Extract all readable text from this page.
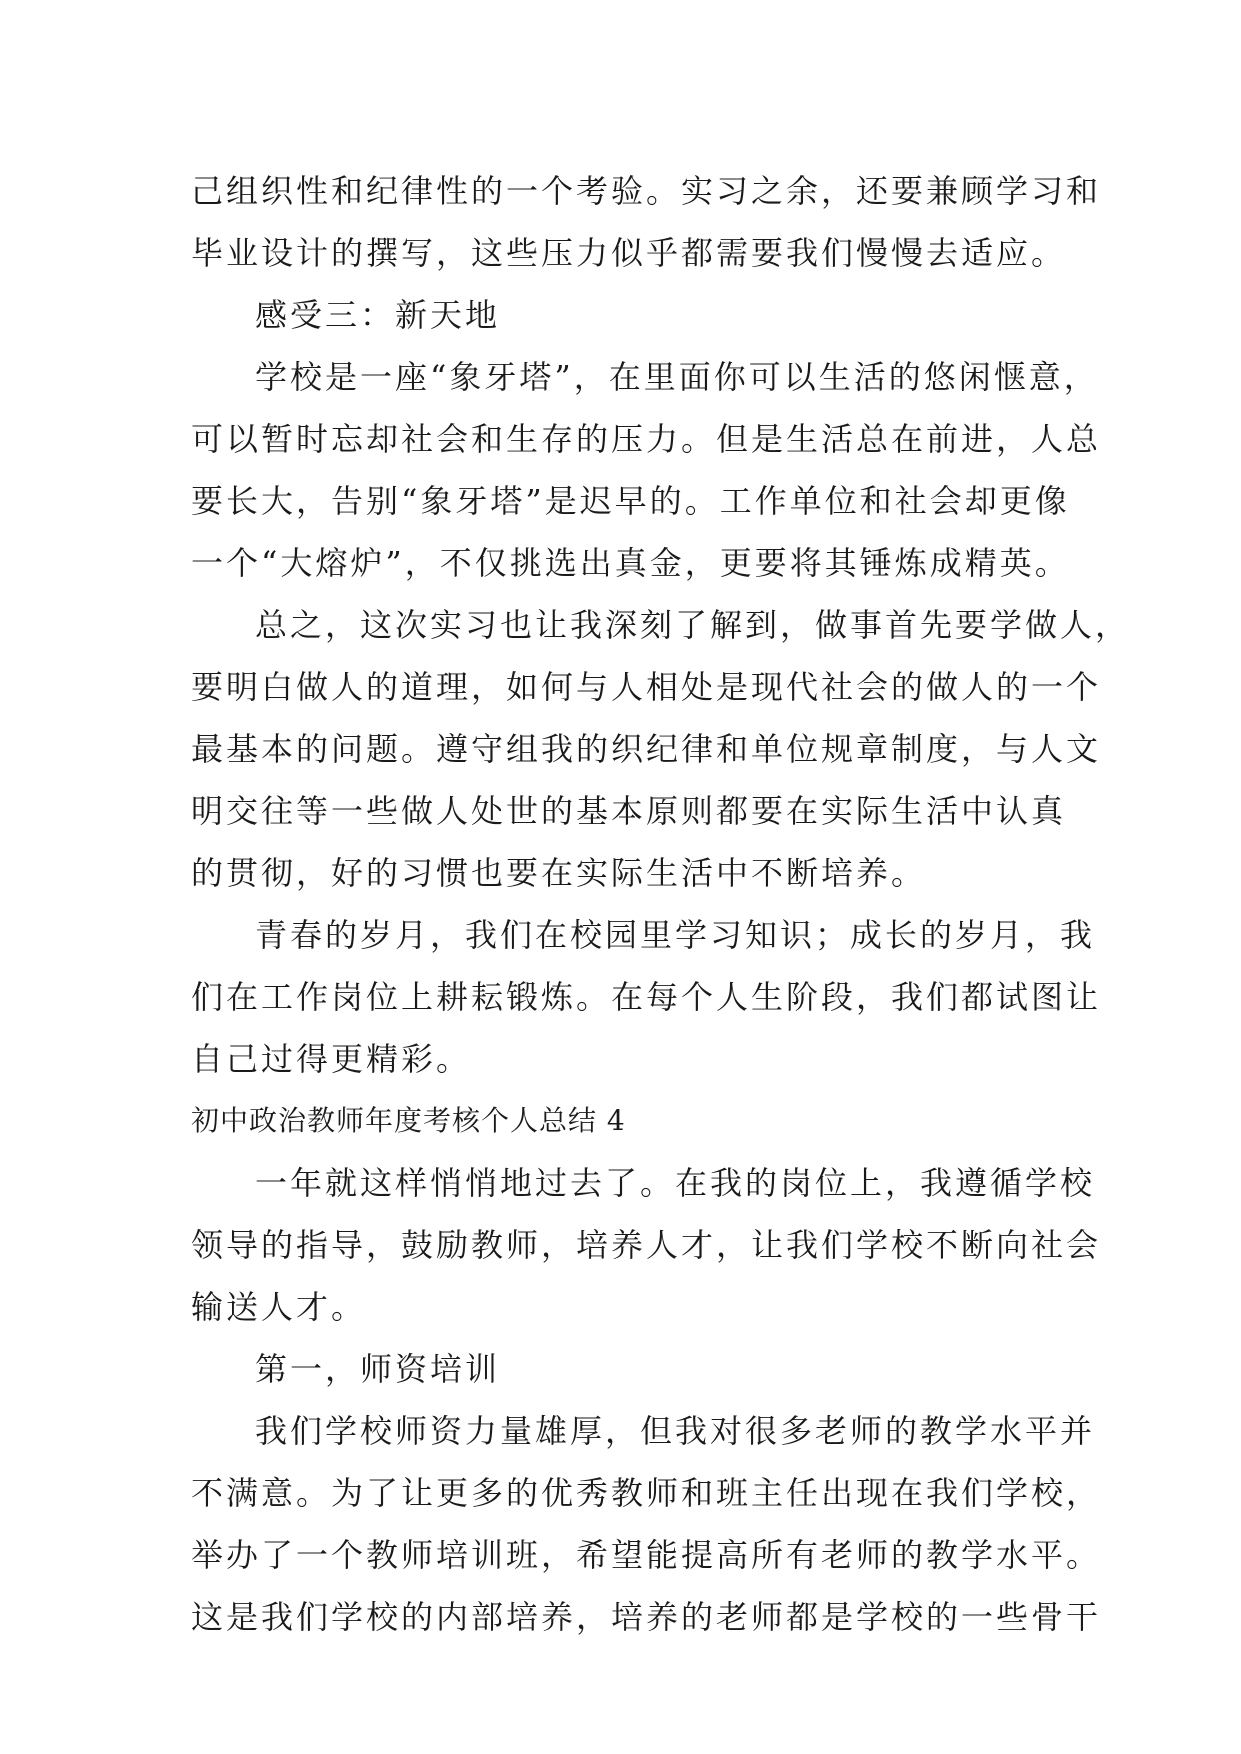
己组织性和纪律性的一个考验。实习之余，还要兼顾学习和
毕业设计的撰写，这些压力似乎都需要我们慢慢去适应。
感受三：新天地
学校是一座“象牙塔”，在里面你可以生活的悠闲惬意，
可以暂时忘却社会和生存的压力。但是生活总在前进，人总
要长大，告别“象牙塔”是迟早的。工作单位和社会却更像
一个“大熔炉”，不仅挑选出真金，更要将其锤炼成精英。
总之，这次实习也让我深刻了解到，做事首先要学做人，
要明白做人的道理，如何与人相处是现代社会的做人的一个
最基本的问题。遵守组我的织纪律和单位规章制度，与人文
明交往等一些做人处世的基本原则都要在实际生活中认真
的贯彻，好的习惯也要在实际生活中不断培养。
青春的岁月，我们在校园里学习知识；成长的岁月，我
们在工作岗位上耕耘锻炼。在每个人生阶段，我们都试图让
自己过得更精彩。
初中政治教师年度考核个人总结 4
一年就这样悄悄地过去了。在我的岗位上，我遵循学校
领导的指导，鼓励教师，培养人才，让我们学校不断向社会
输送人才。
第一，师资培训
我们学校师资力量雄厚，但我对很多老师的教学水平并
不满意。为了让更多的优秀教师和班主任出现在我们学校，
举办了一个教师培训班，希望能提高所有老师的教学水平。
这是我们学校的内部培养，培养的老师都是学校的一些骨干
